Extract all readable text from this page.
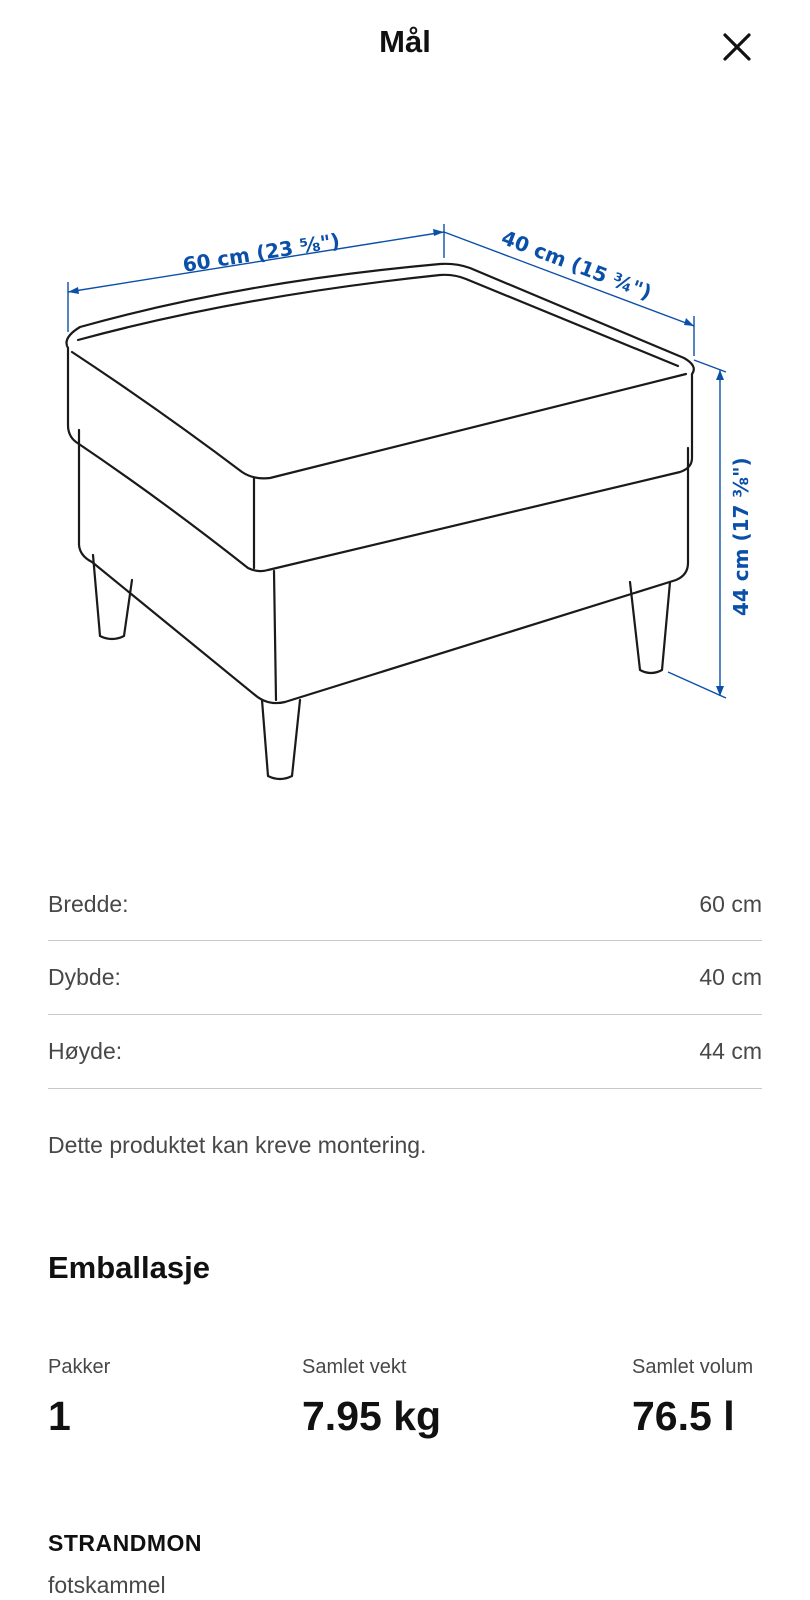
Mål
60 cm (23 ⅝")	40 cm (15 ¾")
44 cm (17 ⅜")
Bredde:	60 cm
Dybde:	40 cm
Høyde:	44 cm
Dette produktet kan kreve montering.
Emballasje
Pakker
1
Samlet vekt
7.95 kg
Samlet volum
76.5 l
STRANDMON
fotskammel
